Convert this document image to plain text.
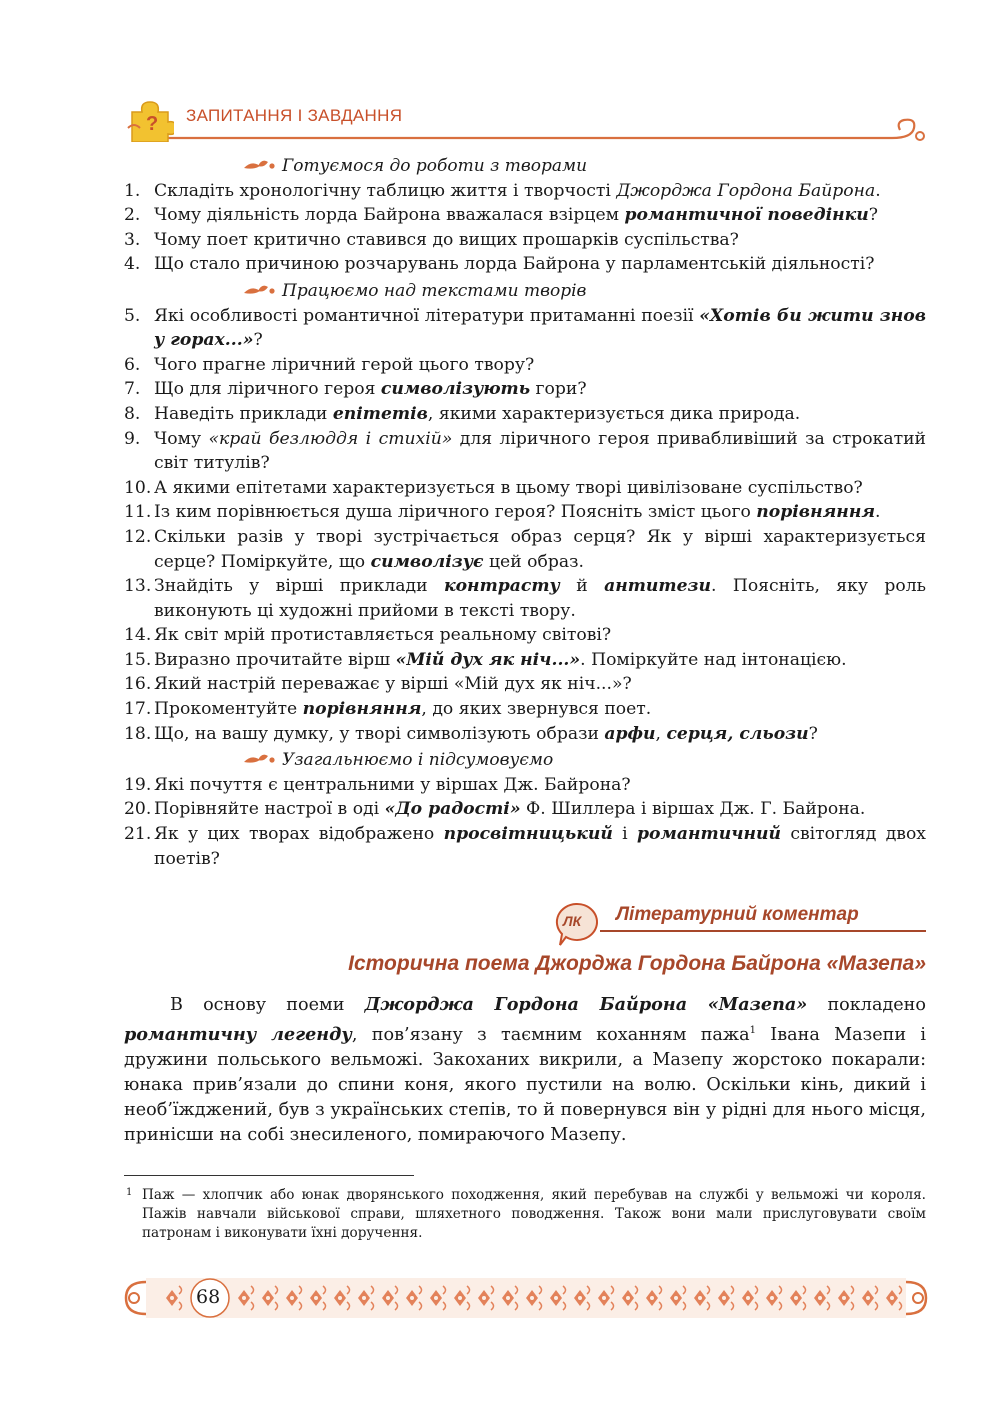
? ЗАПИТАННЯ І ЗАВДАННЯ
Готуємося до роботи з творами
1. Складіть хронологічну таблицю життя і творчості Джорджа Гордона Байрона.
2. Чому діяльність лорда Байрона вважалася взірцем романтичної поведінки?
3. Чому поет критично ставився до вищих прошарків суспільства?
4. Що стало причиною розчарувань лорда Байрона у парламентській діяльності?
Працюємо над текстами творів
5. Які особливості романтичної літератури притаманні поезії «Хотів би жити знов у горах...»?
6. Чого прагне ліричний герой цього твору?
7. Що для ліричного героя символізують гори?
8. Наведіть приклади епітетів, якими характеризується дика природа.
9. Чому «край безлюддя і стихій» для ліричного героя привабливіший за строкатий світ титулів?
10. А якими епітетами характеризується в цьому творі цивілізоване суспільство?
11. Із ким порівнюється душа ліричного героя? Поясніть зміст цього порівняння.
12. Скільки разів у творі зустрічається образ серця? Як у вірші характеризується серце? Поміркуйте, що символізує цей образ.
13. Знайдіть у вірші приклади контрасту й антитези. Поясніть, яку роль виконують ці художні прийоми в тексті твору.
14. Як світ мрій протиставляється реальному світові?
15. Виразно прочитайте вірш «Мій дух як ніч...». Поміркуйте над інтонацією.
16. Який настрій переважає у вірші «Мій дух як ніч...»?
17. Прокоментуйте порівняння, до яких звернувся поет.
18. Що, на вашу думку, у творі символізують образи арфи, серця, сльози?
Узагальнюємо і підсумовуємо
19. Які почуття є центральними у віршах Дж. Байрона?
20. Порівняйте настрої в оді «До радості» Ф. Шиллера і віршах Дж. Г. Байрона.
21. Як у цих творах відображено просвітницький і романтичний світогляд двох поетів?
ЛК Літературний коментар
Історична поема Джорджа Гордона Байрона «Мазепа»
В основу поеми Джорджа Гордона Байрона «Мазепа» покладено романтичну легенду, пов’язану з таємним коханням пажа$^1$ Івана Мазепи і дружини польського вельможі. Закоханих викрили, а Мазепу жорстоко покарали: юнака прив’язали до спини коня, якого пустили на волю. Оскільки кінь, дикий і необ’їжджений, був з українських степів, то й повернувся він у рідні для нього місця, принісши на собі знесиленого, помираючого Мазепу.
1 Паж — хлопчик або юнак дворянського походження, який перебував на службі у вельможі чи короля. Пажів навчали військової справи, шляхетного поводження. Також вони мали прислуговувати своїм патронам і виконувати їхні доручення.
68
